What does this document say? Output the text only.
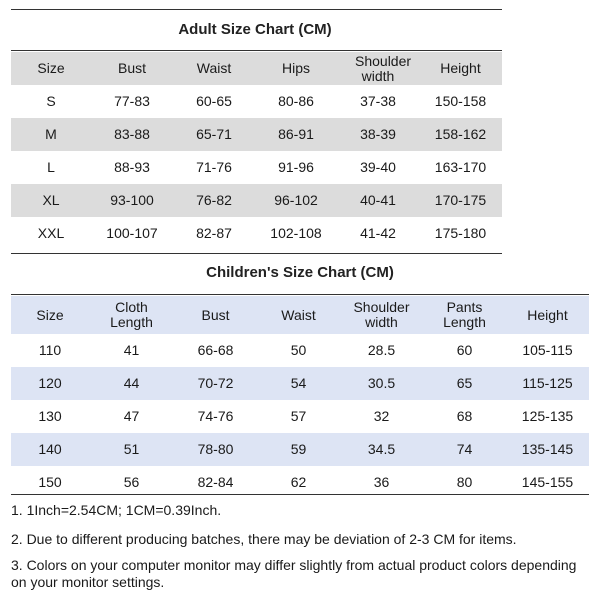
Adult Size Chart (CM)
Size	Bust	Waist	Hips	Shoulder width	Height
S	77-83	60-65	80-86	37-38	150-158
M	83-88	65-71	86-91	38-39	158-162
L	88-93	71-76	91-96	39-40	163-170
XL	93-100	76-82	96-102	40-41	170-175
XXL	100-107	82-87	102-108	41-42	175-180
Children's Size Chart (CM)
Size	Cloth Length	Bust	Waist	Shoulder width	Pants Length	Height
110	41	66-68	50	28.5	60	105-115
120	44	70-72	54	30.5	65	115-125
130	47	74-76	57	32	68	125-135
140	51	78-80	59	34.5	74	135-145
150	56	82-84	62	36	80	145-155
1. 1Inch=2.54CM; 1CM=0.39Inch.
2. Due to different producing batches, there may be deviation of 2-3 CM for items.
3. Colors on your computer monitor may differ slightly from actual product colors depending on your monitor settings.
